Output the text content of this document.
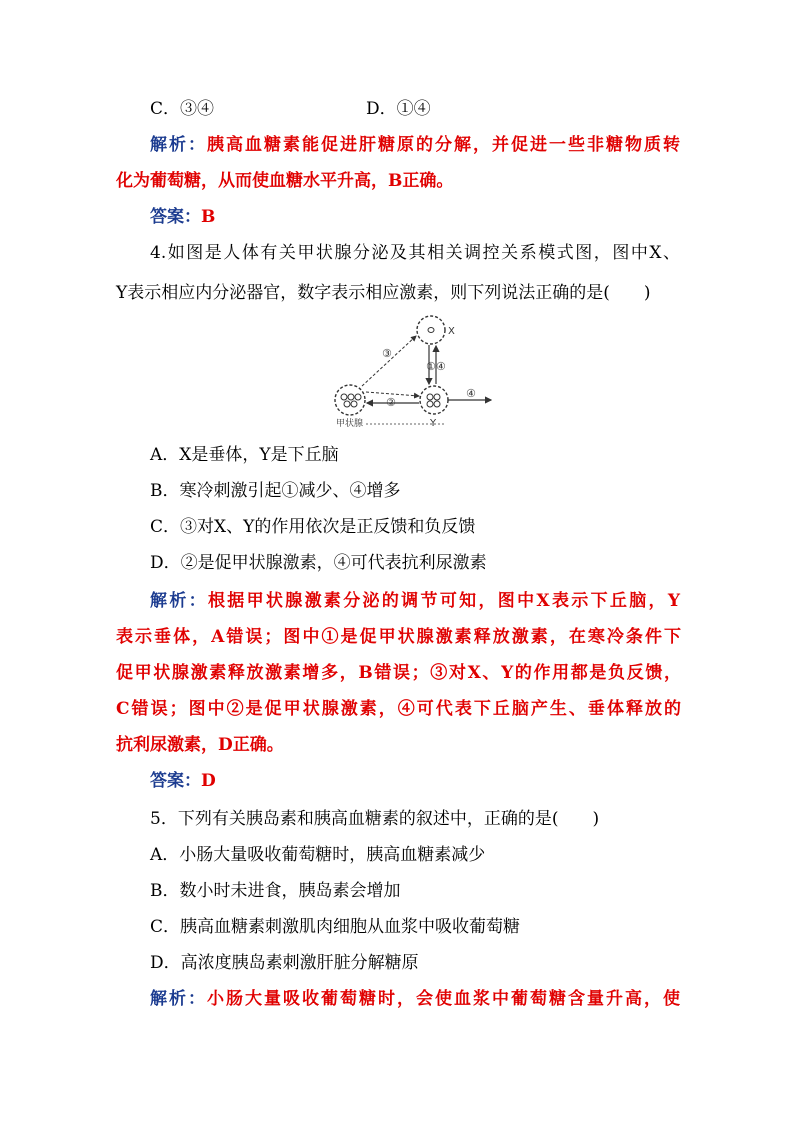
C．③④	D．①④
解析：胰高血糖素能促进肝糖原的分解，并促进一些非糖物质转
化为葡萄糖，从而使血糖水平升高，B正确。
答案：B
4.如图是人体有关甲状腺分泌及其相关调控关系模式图，图中X、
Y表示相应内分泌器官，数字表示相应激素，则下列说法正确的是(　　)
X
Y
甲状腺
①④
③
②
④
A．X是垂体，Y是下丘脑
B．寒冷刺激引起①减少、④增多
C．③对X、Y的作用依次是正反馈和负反馈
D．②是促甲状腺激素，④可代表抗利尿激素
解析：根据甲状腺激素分泌的调节可知，图中X表示下丘脑，Y
表示垂体，A错误；图中①是促甲状腺激素释放激素，在寒冷条件下
促甲状腺激素释放激素增多，B错误；③对X、Y的作用都是负反馈，
C错误；图中②是促甲状腺激素，④可代表下丘脑产生、垂体释放的
抗利尿激素，D正确。
答案：D
5．下列有关胰岛素和胰高血糖素的叙述中，正确的是(　　)
A．小肠大量吸收葡萄糖时，胰高血糖素减少
B．数小时未进食，胰岛素会增加
C．胰高血糖素刺激肌肉细胞从血浆中吸收葡萄糖
D．高浓度胰岛素刺激肝脏分解糖原
解析：小肠大量吸收葡萄糖时，会使血浆中葡萄糖含量升高，使
